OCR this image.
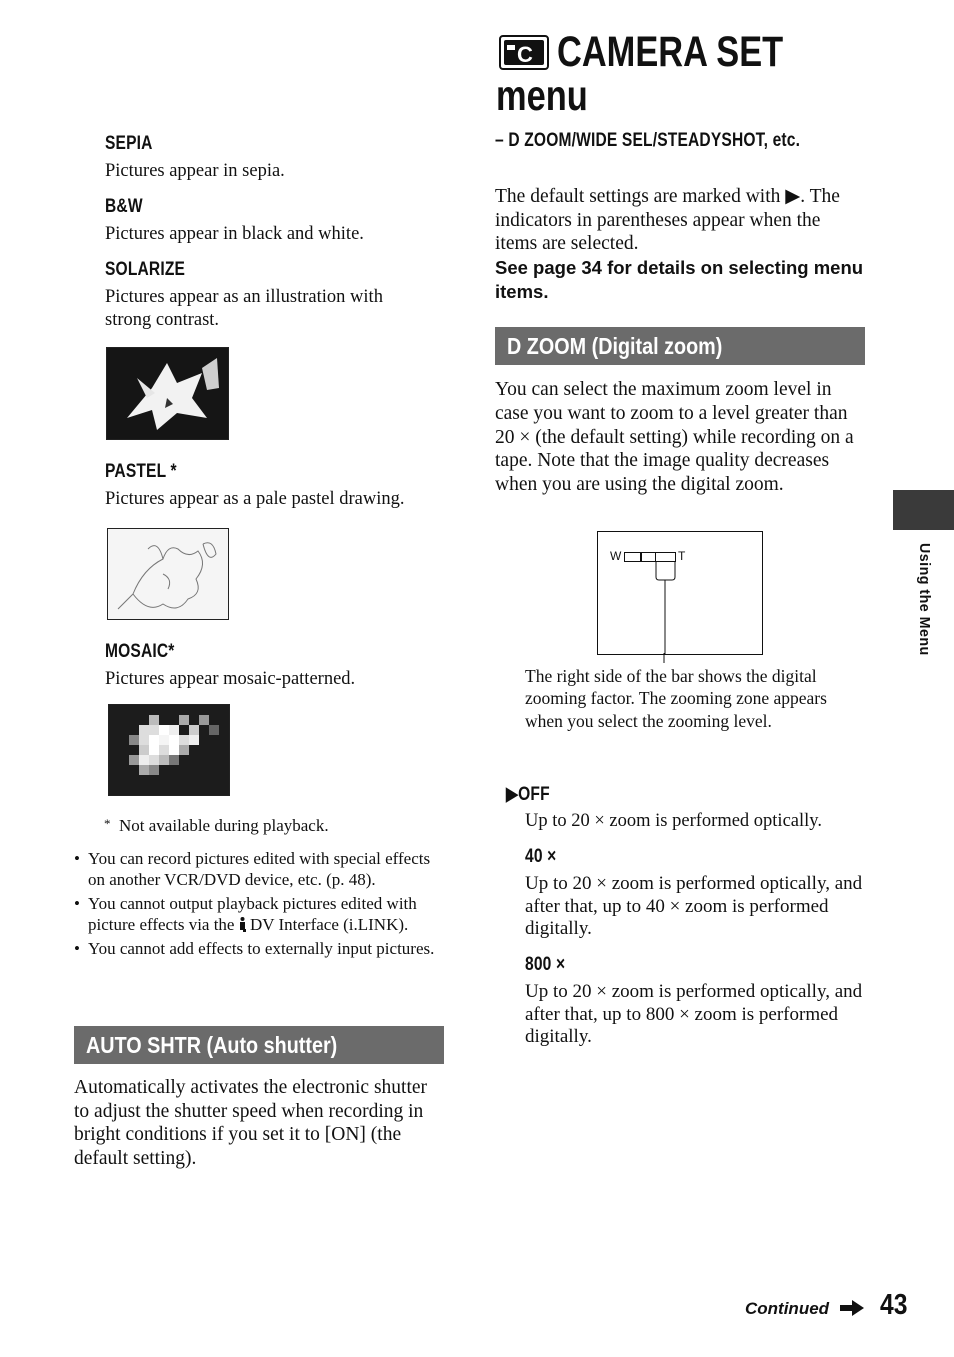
SEPIA
Pictures appear in sepia.
B&W
Pictures appear in black and white.
SOLARIZE
Pictures appear as an illustration with strong contrast.
PASTEL *
Pictures appear as a pale pastel drawing.
MOSAIC*
Pictures appear mosaic-patterned.
* Not available during playback.
• You can record pictures edited with special effects on another VCR/DVD device, etc. (p. 48).
• You cannot output playback pictures edited with picture effects via the DV Interface (i.LINK).
• You cannot add effects to externally input pictures.
AUTO SHTR (Auto shutter)
Automatically activates the electronic shutter to adjust the shutter speed when recording in bright conditions if you set it to [ON] (the default setting).
C CAMERA SET
menu
– D ZOOM/WIDE SEL/STEADYSHOT, etc.
The default settings are marked with ▶. The indicators in parentheses appear when the items are selected.
See page 34 for details on selecting menu items.
D ZOOM (Digital zoom)
You can select the maximum zoom level in case you want to zoom to a level greater than 20 × (the default setting) while recording on a tape. Note that the image quality decreases when you are using the digital zoom.
W	T
The right side of the bar shows the digital zooming factor. The zooming zone appears when you select the zooming level.
▶OFF
Up to 20 × zoom is performed optically.
40 ×
Up to 20 × zoom is performed optically, and after that, up to 40 × zoom is performed digitally.
800 ×
Up to 20 × zoom is performed optically, and after that, up to 800 × zoom is performed digitally.
Using the Menu
Continued 43
